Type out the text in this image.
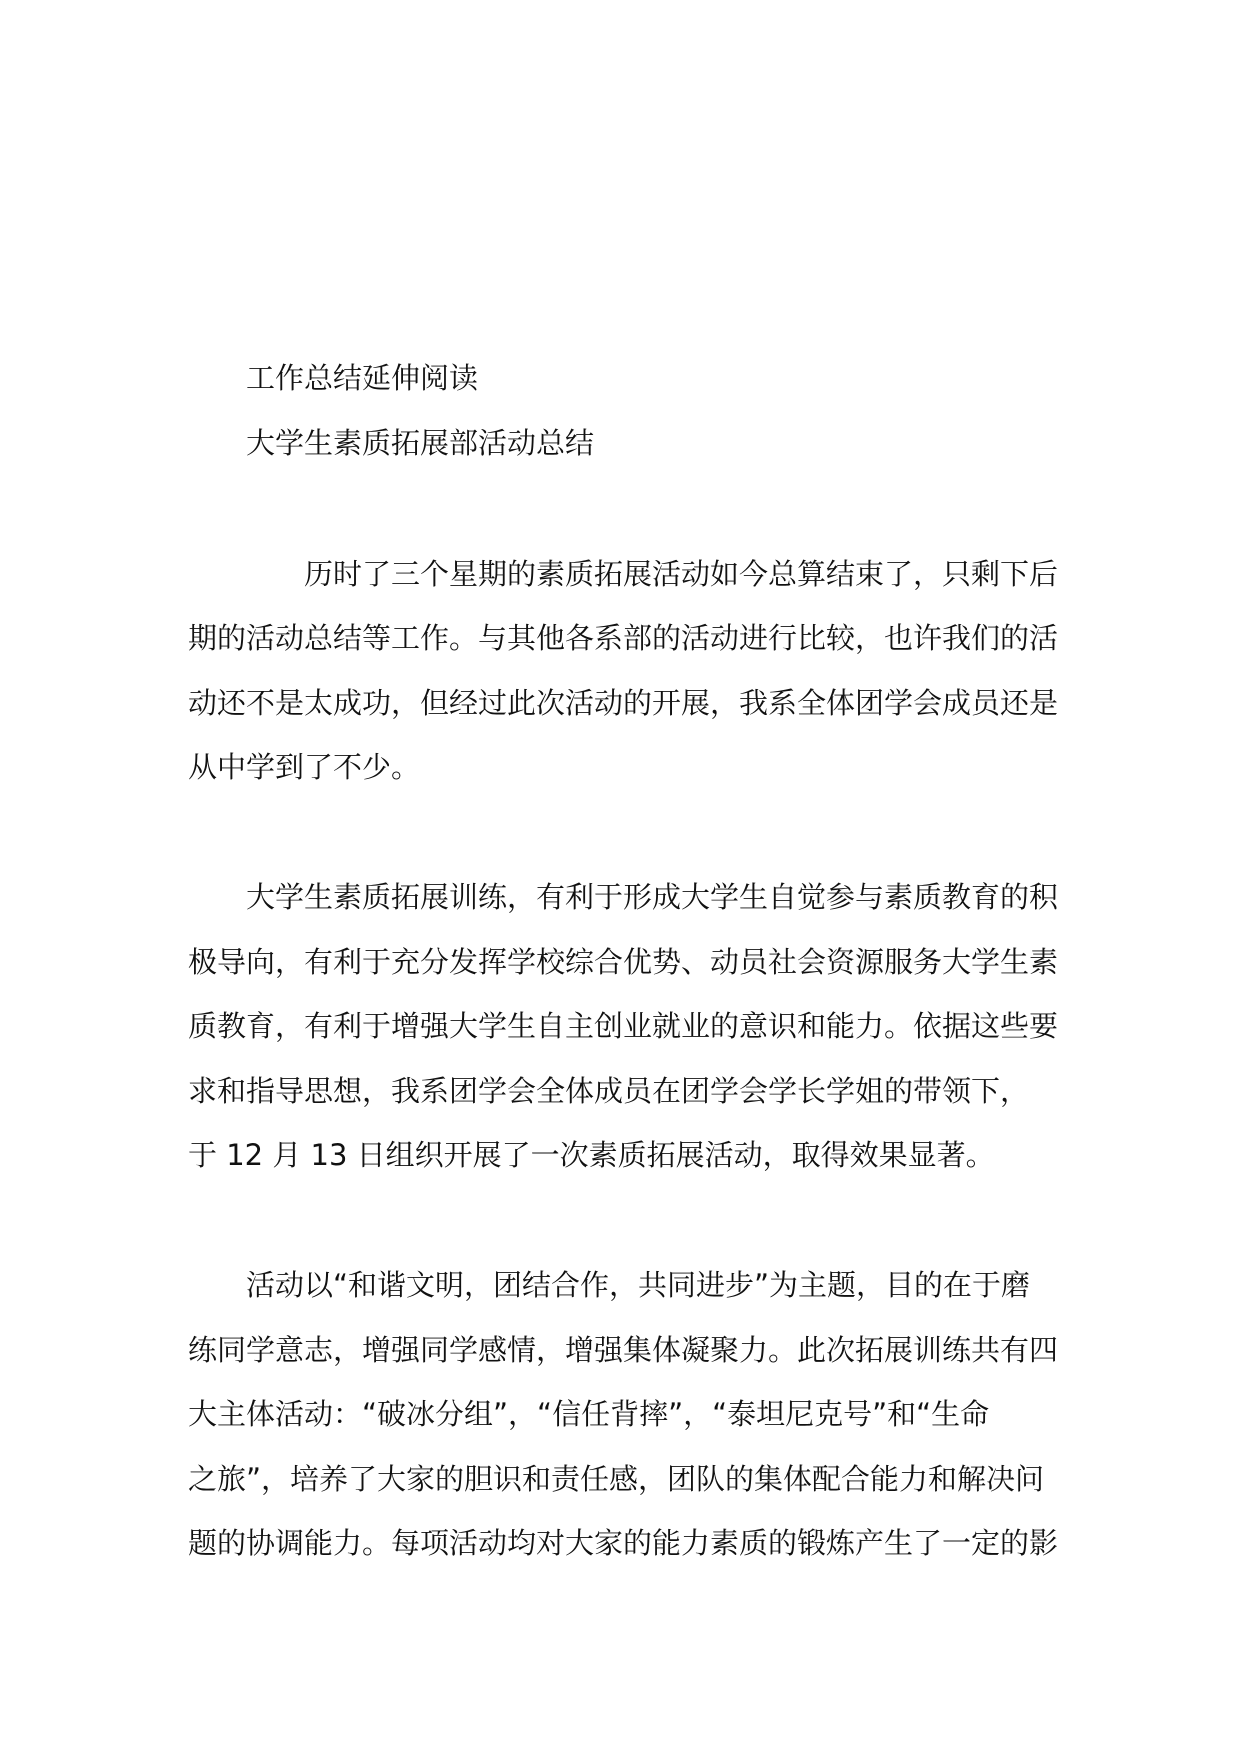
工作总结延伸阅读

大学生素质拓展部活动总结

历时了三个星期的素质拓展活动如今总算结束了，只剩下后

期的活动总结等工作。与其他各系部的活动进行比较，也许我们的活

动还不是太成功，但经过此次活动的开展，我系全体团学会成员还是

从中学到了不少。

大学生素质拓展训练，有利于形成大学生自觉参与素质教育的积

极导向，有利于充分发挥学校综合优势、动员社会资源服务大学生素

质教育，有利于增强大学生自主创业就业的意识和能力。依据这些要

求和指导思想，我系团学会全体成员在团学会学长学姐的带领下，

于 12 月 13 日组织开展了一次素质拓展活动，取得效果显著。

活动以“和谐文明，团结合作，共同进步”为主题，目的在于磨

练同学意志，增强同学感情，增强集体凝聚力。此次拓展训练共有四

大主体活动：“破冰分组”，“信任背摔”，“泰坦尼克号”和“生命

之旅”，培养了大家的胆识和责任感，团队的集体配合能力和解决问

题的协调能力。每项活动均对大家的能力素质的锻炼产生了一定的影
